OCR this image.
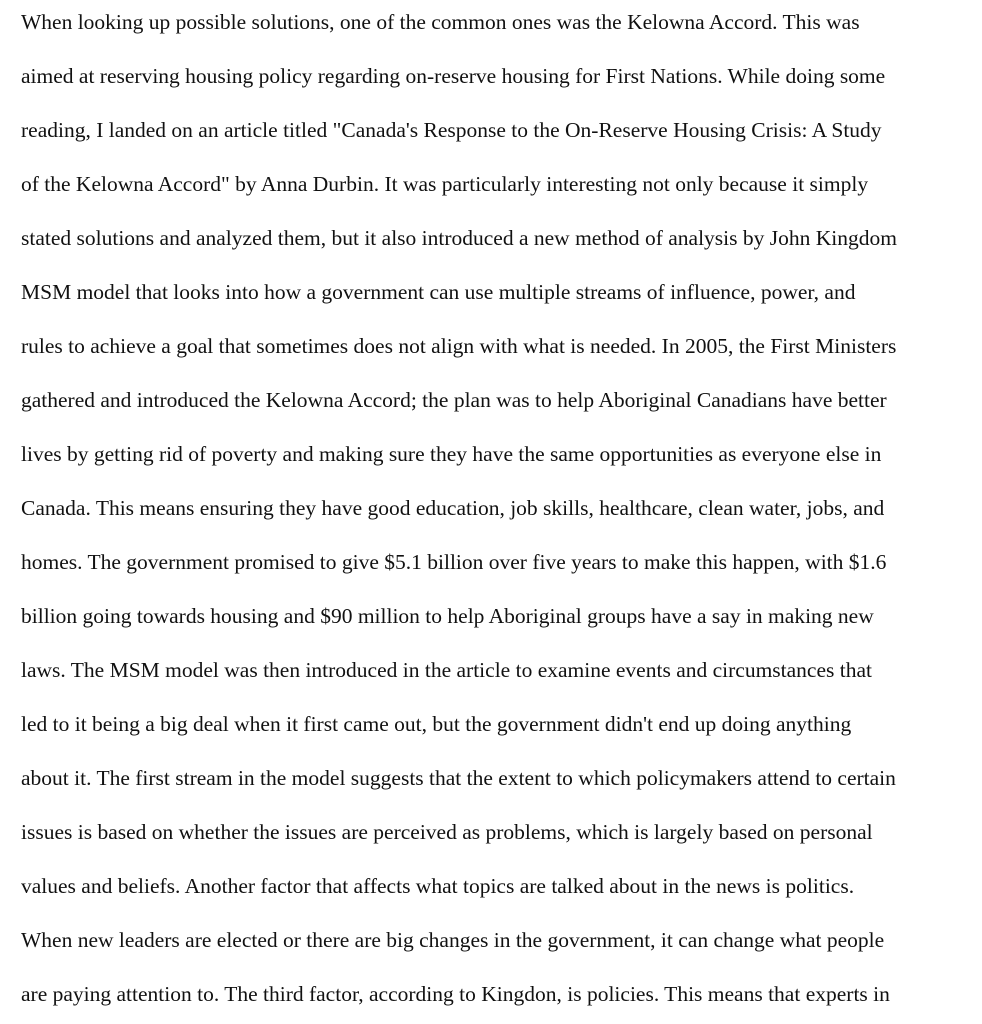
When looking up possible solutions, one of the common ones was the Kelowna Accord. This was

aimed at reserving housing policy regarding on-reserve housing for First Nations. While doing some

reading, I landed on an article titled "Canada's Response to the On-Reserve Housing Crisis: A Study

of the Kelowna Accord" by Anna Durbin. It was particularly interesting not only because it simply

stated solutions and analyzed them, but it also introduced a new method of analysis by John Kingdom

MSM model that looks into how a government can use multiple streams of influence, power, and

rules to achieve a goal that sometimes does not align with what is needed. In 2005, the First Ministers

gathered and introduced the Kelowna Accord; the plan was to help Aboriginal Canadians have better

lives by getting rid of poverty and making sure they have the same opportunities as everyone else in

Canada. This means ensuring they have good education, job skills, healthcare, clean water, jobs, and

homes. The government promised to give $5.1 billion over five years to make this happen, with $1.6

billion going towards housing and $90 million to help Aboriginal groups have a say in making new

laws. The MSM model was then introduced in the article to examine events and circumstances that

led to it being a big deal when it first came out, but the government didn't end up doing anything

about it. The first stream in the model suggests that the extent to which policymakers attend to certain

issues is based on whether the issues are perceived as problems, which is largely based on personal

values and beliefs. Another factor that affects what topics are talked about in the news is politics.

When new leaders are elected or there are big changes in the government, it can change what people

are paying attention to. The third factor, according to Kingdon, is policies. This means that experts in
